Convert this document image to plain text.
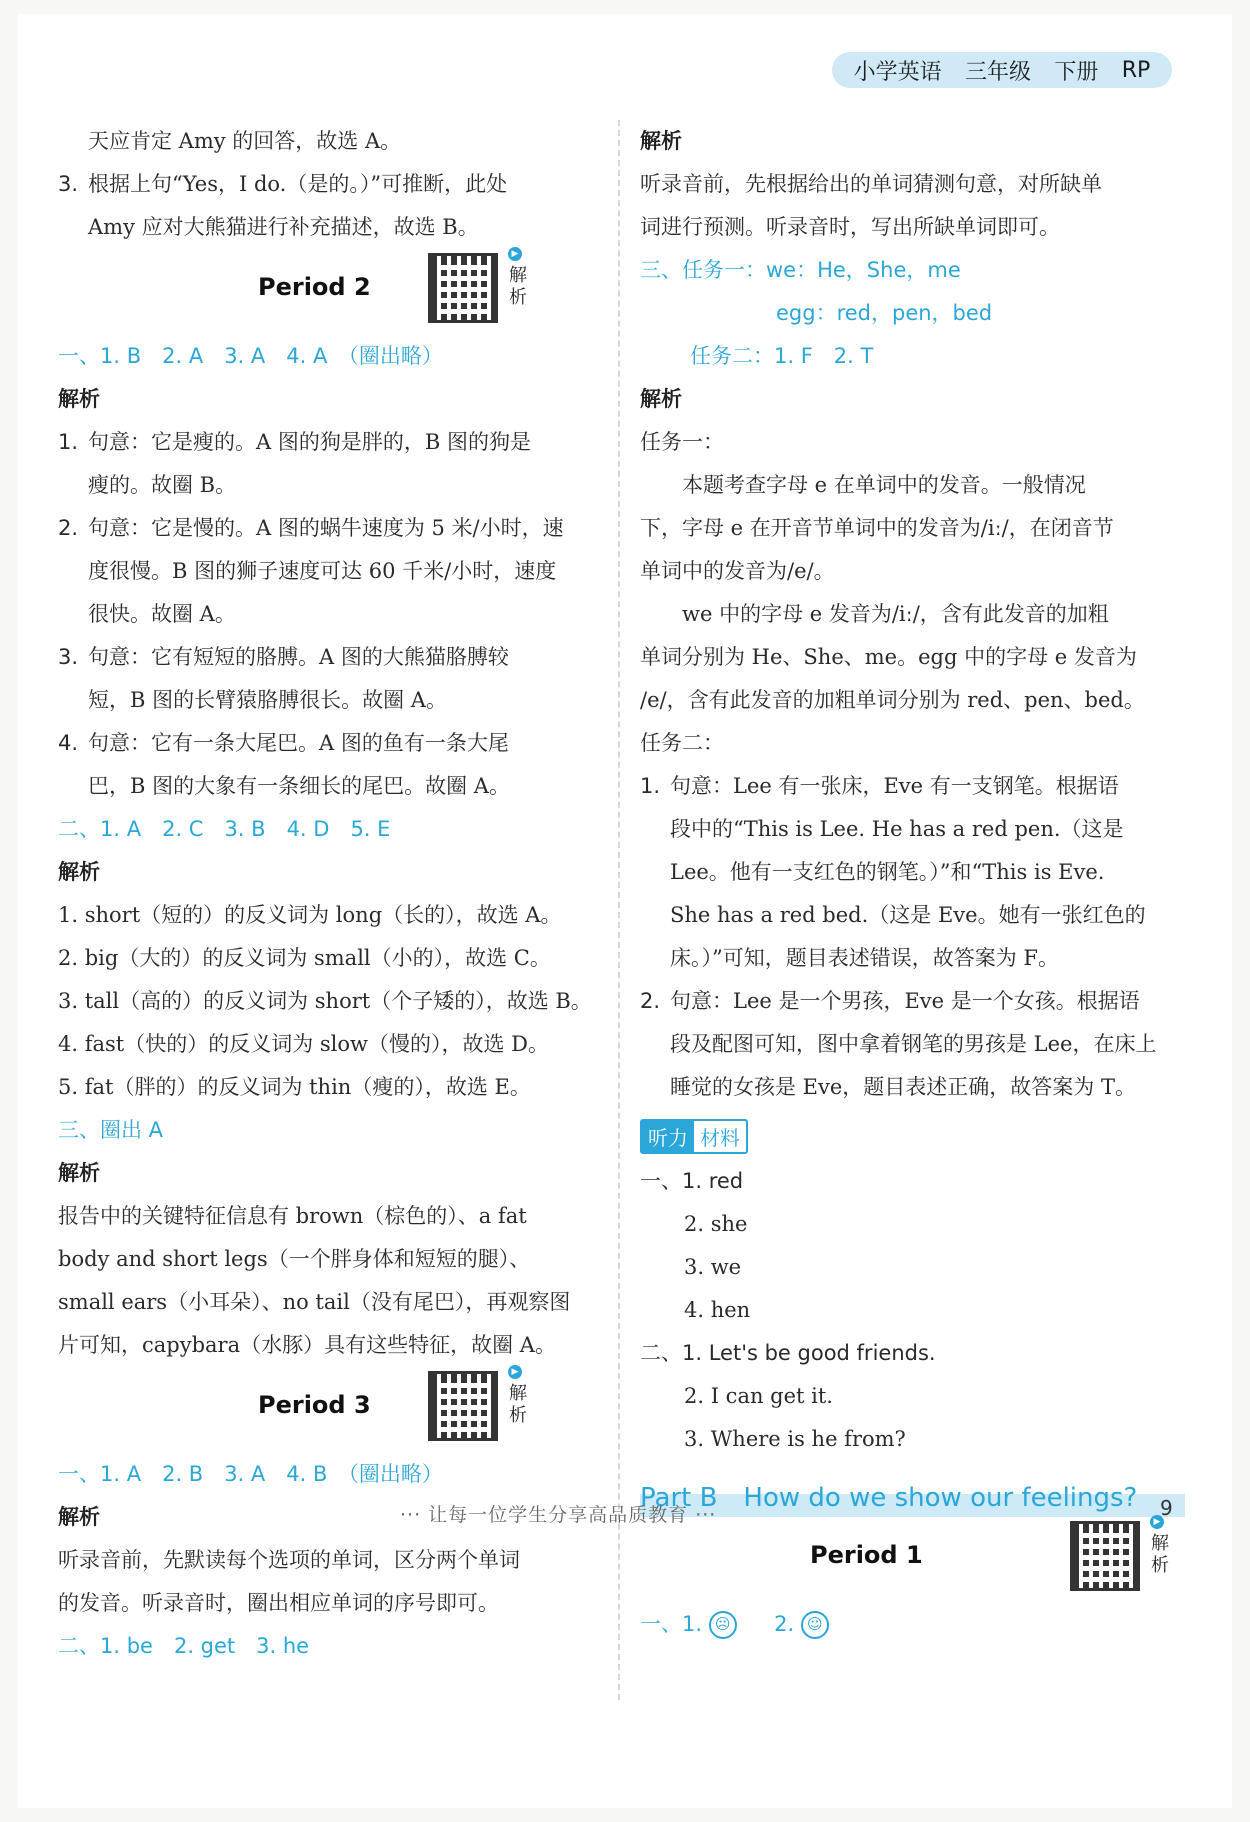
小学英语 三年级 下册 RP

天应肯定 Amy 的回答，故选 A。

3. 根据上句“Yes，I do.（是的。）”可推断，此处

Amy 应对大熊猫进行补充描述，故选 B。

Period 2
▶
解析

一、1. B　2. A　3. A　4. A　（圈出略）

解析

1. 句意：它是瘦的。A 图的狗是胖的，B 图的狗是

瘦的。故圈 B。

2. 句意：它是慢的。A 图的蜗牛速度为 5 米/小时，速

度很慢。B 图的狮子速度可达 60 千米/小时，速度

很快。故圈 A。

3. 句意：它有短短的胳膊。A 图的大熊猫胳膊较

短，B 图的长臂猿胳膊很长。故圈 A。

4. 句意：它有一条大尾巴。A 图的鱼有一条大尾

巴，B 图的大象有一条细长的尾巴。故圈 A。

二、1. A　2. C　3. B　4. D　5. E

解析

1. short（短的）的反义词为 long（长的），故选 A。

2. big（大的）的反义词为 small（小的），故选 C。

3. tall（高的）的反义词为 short（个子矮的），故选 B。

4. fast（快的）的反义词为 slow（慢的），故选 D。

5. fat（胖的）的反义词为 thin（瘦的），故选 E。

三、圈出 A

解析

报告中的关键特征信息有 brown（棕色的）、a fat

body and short legs（一个胖身体和短短的腿）、

small ears（小耳朵）、no tail（没有尾巴），再观察图

片可知，capybara（水豚）具有这些特征，故圈 A。

Period 3
▶
解析

一、1. A　2. B　3. A　4. B　（圈出略）

解析

听录音前，先默读每个选项的单词，区分两个单词

的发音。听录音时，圈出相应单词的序号即可。

二、1. be　2. get　3. he

解析

听录音前，先根据给出的单词猜测句意，对所缺单

词进行预测。听录音时，写出所缺单词即可。

三、任务一：we：He，She，me

egg：red，pen，bed

任务二：1. F　2. T

解析

任务一：

本题考查字母 e 在单词中的发音。一般情况

下，字母 e 在开音节单词中的发音为/iː/，在闭音节

单词中的发音为/e/。

we 中的字母 e 发音为/iː/，含有此发音的加粗

单词分别为 He、She、me。egg 中的字母 e 发音为

/e/，含有此发音的加粗单词分别为 red、pen、bed。

任务二：

1. 句意：Lee 有一张床，Eve 有一支钢笔。根据语

段中的“This is Lee. He has a red pen.（这是

Lee。他有一支红色的钢笔。）”和“This is Eve.

She has a red bed.（这是 Eve。她有一张红色的

床。）”可知，题目表述错误，故答案为 F。

2. 句意：Lee 是一个男孩，Eve 是一个女孩。根据语

段及配图可知，图中拿着钢笔的男孩是 Lee，在床上

睡觉的女孩是 Eve，题目表述正确，故答案为 T。

听力 材料

一、1. red

2. she

3. we

4. hen

二、1. Let's be good friends.

2. I can get it.

3. Where is he from?

Part B　How do we show our feelings?
Period 1
▶
解析

一、1. ☹ 2. ☺

··· 让每一位学生分享高品质教育 ···	9
